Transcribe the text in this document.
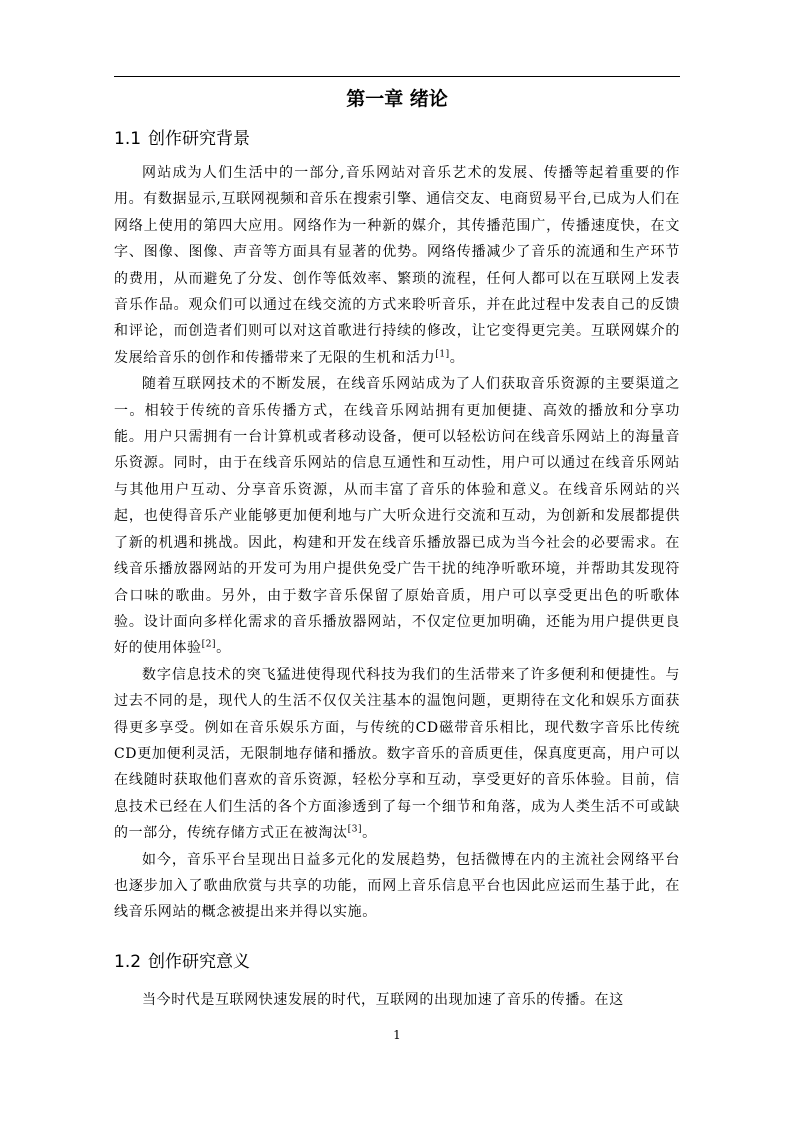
第一章 绪论
1.1 创作研究背景

网站成为人们生活中的一部分,音乐网站对音乐艺术的发展、传播等起着重要的作用。有数据显示,互联网视频和音乐在搜索引擎、通信交友、电商贸易平台,已成为人们在网络上使用的第四大应用。网络作为一种新的媒介，其传播范围广，传播速度快，在文字、图像、图像、声音等方面具有显著的优势。网络传播减少了音乐的流通和生产环节的费用，从而避免了分发、创作等低效率、繁琐的流程，任何人都可以在互联网上发表音乐作品。观众们可以通过在线交流的方式来聆听音乐，并在此过程中发表自己的反馈和评论，而创造者们则可以对这首歌进行持续的修改，让它变得更完美。互联网媒介的发展给音乐的创作和传播带来了无限的生机和活力[1]。

随着互联网技术的不断发展，在线音乐网站成为了人们获取音乐资源的主要渠道之一。相较于传统的音乐传播方式，在线音乐网站拥有更加便捷、高效的播放和分享功能。用户只需拥有一台计算机或者移动设备，便可以轻松访问在线音乐网站上的海量音乐资源。同时，由于在线音乐网站的信息互通性和互动性，用户可以通过在线音乐网站与其他用户互动、分享音乐资源，从而丰富了音乐的体验和意义。在线音乐网站的兴起，也使得音乐产业能够更加便利地与广大听众进行交流和互动，为创新和发展都提供了新的机遇和挑战。因此，构建和开发在线音乐播放器已成为当今社会的必要需求。在线音乐播放器网站的开发可为用户提供免受广告干扰的纯净听歌环境，并帮助其发现符合口味的歌曲。另外，由于数字音乐保留了原始音质，用户可以享受更出色的听歌体验。设计面向多样化需求的音乐播放器网站，不仅定位更加明确，还能为用户提供更良好的使用体验[2]。

数字信息技术的突飞猛进使得现代科技为我们的生活带来了许多便利和便捷性。与过去不同的是，现代人的生活不仅仅关注基本的温饱问题，更期待在文化和娱乐方面获得更多享受。例如在音乐娱乐方面，与传统的CD磁带音乐相比，现代数字音乐比传统CD更加便利灵活，无限制地存储和播放。数字音乐的音质更佳，保真度更高，用户可以在线随时获取他们喜欢的音乐资源，轻松分享和互动，享受更好的音乐体验。目前，信息技术已经在人们生活的各个方面渗透到了每一个细节和角落，成为人类生活不可或缺的一部分，传统存储方式正在被淘汰[3]。

如今，音乐平台呈现出日益多元化的发展趋势，包括微博在内的主流社会网络平台也逐步加入了歌曲欣赏与共享的功能，而网上音乐信息平台也因此应运而生基于此，在线音乐网站的概念被提出来并得以实施。

1.2 创作研究意义

当今时代是互联网快速发展的时代，互联网的出现加速了音乐的传播。在这

1
